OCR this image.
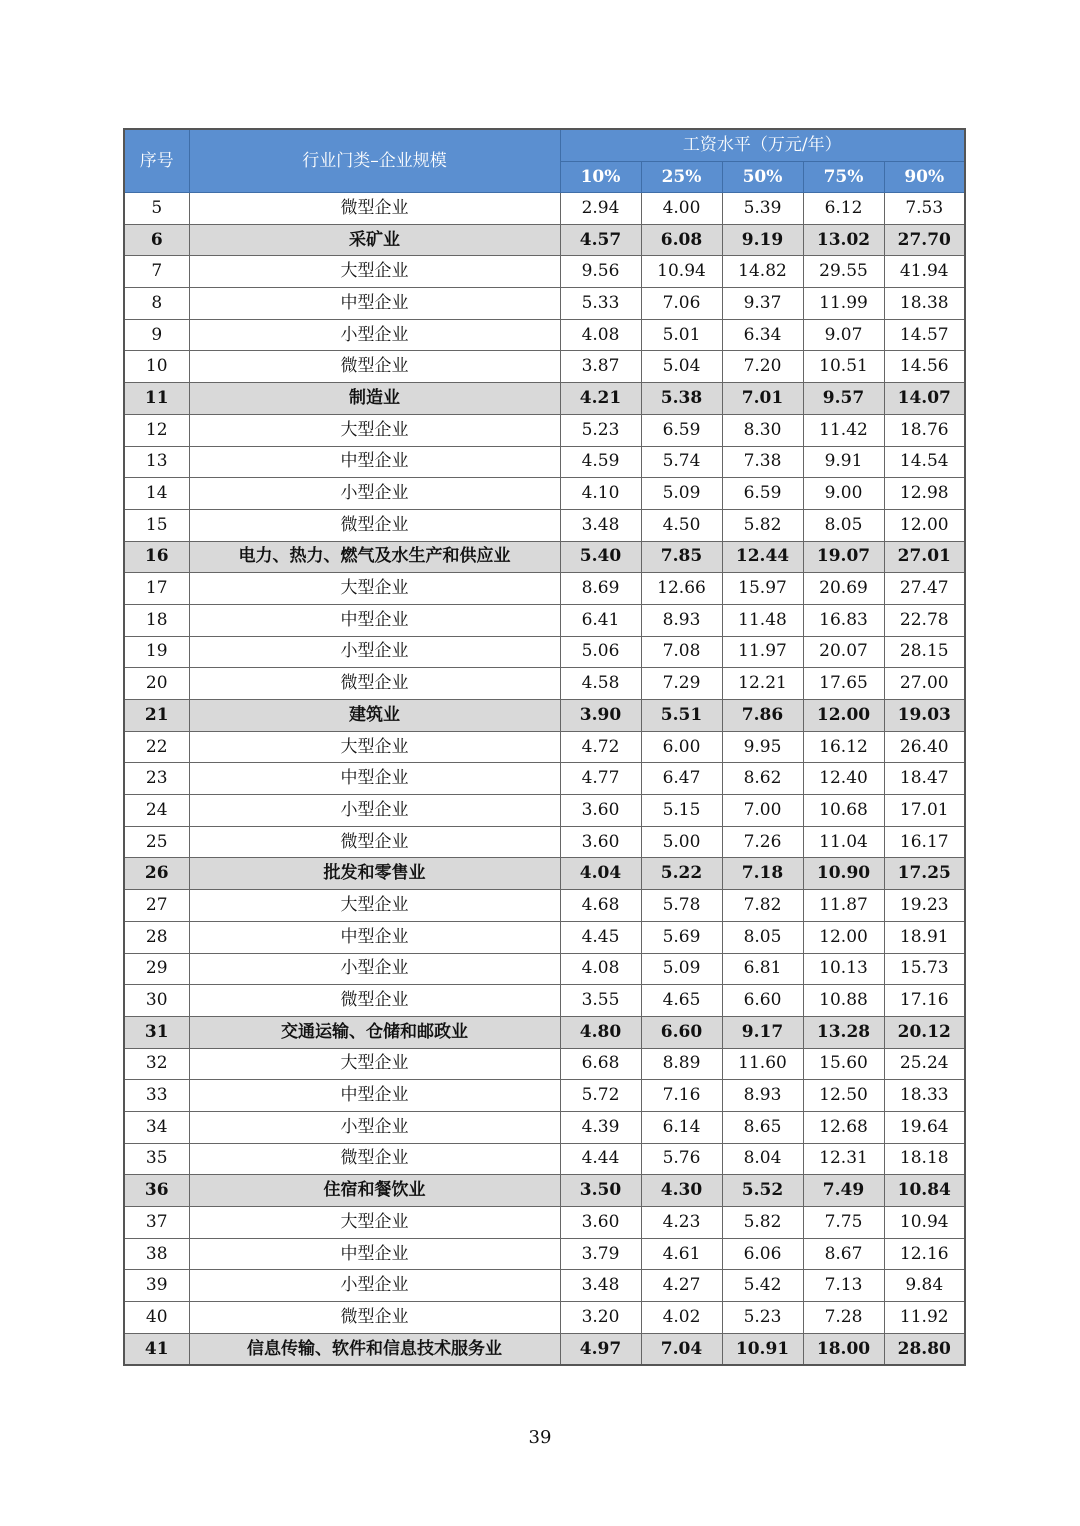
序号	行业门类–企业规模	工资水平（万元/年）				
		10%	25%	50%	75%	90%
5	微型企业	2.94	4.00	5.39	6.12	7.53
6	采矿业	4.57	6.08	9.19	13.02	27.70
7	大型企业	9.56	10.94	14.82	29.55	41.94
8	中型企业	5.33	7.06	9.37	11.99	18.38
9	小型企业	4.08	5.01	6.34	9.07	14.57
10	微型企业	3.87	5.04	7.20	10.51	14.56
11	制造业	4.21	5.38	7.01	9.57	14.07
12	大型企业	5.23	6.59	8.30	11.42	18.76
13	中型企业	4.59	5.74	7.38	9.91	14.54
14	小型企业	4.10	5.09	6.59	9.00	12.98
15	微型企业	3.48	4.50	5.82	8.05	12.00
16	电力、热力、燃气及水生产和供应业	5.40	7.85	12.44	19.07	27.01
17	大型企业	8.69	12.66	15.97	20.69	27.47
18	中型企业	6.41	8.93	11.48	16.83	22.78
19	小型企业	5.06	7.08	11.97	20.07	28.15
20	微型企业	4.58	7.29	12.21	17.65	27.00
21	建筑业	3.90	5.51	7.86	12.00	19.03
22	大型企业	4.72	6.00	9.95	16.12	26.40
23	中型企业	4.77	6.47	8.62	12.40	18.47
24	小型企业	3.60	5.15	7.00	10.68	17.01
25	微型企业	3.60	5.00	7.26	11.04	16.17
26	批发和零售业	4.04	5.22	7.18	10.90	17.25
27	大型企业	4.68	5.78	7.82	11.87	19.23
28	中型企业	4.45	5.69	8.05	12.00	18.91
29	小型企业	4.08	5.09	6.81	10.13	15.73
30	微型企业	3.55	4.65	6.60	10.88	17.16
31	交通运输、仓储和邮政业	4.80	6.60	9.17	13.28	20.12
32	大型企业	6.68	8.89	11.60	15.60	25.24
33	中型企业	5.72	7.16	8.93	12.50	18.33
34	小型企业	4.39	6.14	8.65	12.68	19.64
35	微型企业	4.44	5.76	8.04	12.31	18.18
36	住宿和餐饮业	3.50	4.30	5.52	7.49	10.84
37	大型企业	3.60	4.23	5.82	7.75	10.94
38	中型企业	3.79	4.61	6.06	8.67	12.16
39	小型企业	3.48	4.27	5.42	7.13	9.84
40	微型企业	3.20	4.02	5.23	7.28	11.92
41	信息传输、软件和信息技术服务业	4.97	7.04	10.91	18.00	28.80
39
